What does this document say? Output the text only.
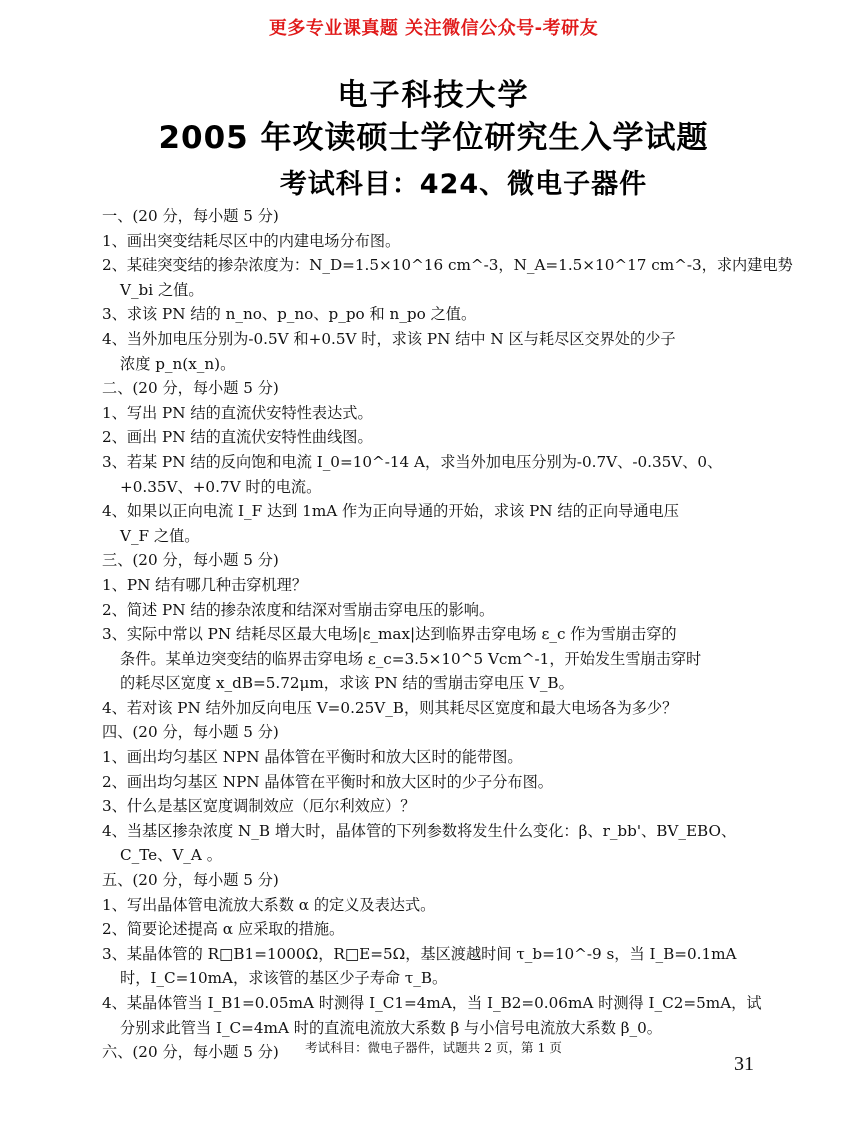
更多专业课真题 关注微信公众号-考研友
电子科技大学
2005 年攻读硕士学位研究生入学试题
考试科目：424、微电子器件
一、(20 分，每小题 5 分)
1、画出突变结耗尽区中的内建电场分布图。
2、某硅突变结的掺杂浓度为：N_D=1.5×10^16 cm^-3，N_A=1.5×10^17 cm^-3，求内建电势
V_bi 之值。
3、求该 PN 结的 n_no、p_no、p_po 和 n_po 之值。
4、当外加电压分别为-0.5V 和+0.5V 时，求该 PN 结中 N 区与耗尽区交界处的少子
浓度 p_n(x_n)。
二、(20 分，每小题 5 分)
1、写出 PN 结的直流伏安特性表达式。
2、画出 PN 结的直流伏安特性曲线图。
3、若某 PN 结的反向饱和电流 I_0=10^-14 A，求当外加电压分别为-0.7V、-0.35V、0、
+0.35V、+0.7V 时的电流。
4、如果以正向电流 I_F 达到 1mA 作为正向导通的开始，求该 PN 结的正向导通电压
V_F 之值。
三、(20 分，每小题 5 分)
1、PN 结有哪几种击穿机理？
2、简述 PN 结的掺杂浓度和结深对雪崩击穿电压的影响。
3、实际中常以 PN 结耗尽区最大电场|ε_max|达到临界击穿电场 ε_c 作为雪崩击穿的
条件。某单边突变结的临界击穿电场 ε_c=3.5×10^5 Vcm^-1，开始发生雪崩击穿时
的耗尽区宽度 x_dB=5.72μm，求该 PN 结的雪崩击穿电压 V_B。
4、若对该 PN 结外加反向电压 V=0.25V_B，则其耗尽区宽度和最大电场各为多少？
四、(20 分，每小题 5 分)
1、画出均匀基区 NPN 晶体管在平衡时和放大区时的能带图。
2、画出均匀基区 NPN 晶体管在平衡时和放大区时的少子分布图。
3、什么是基区宽度调制效应（厄尔利效应）？
4、当基区掺杂浓度 N_B 增大时，晶体管的下列参数将发生什么变化：β、r_bb'、BV_EBO、
C_Te、V_A 。
五、(20 分，每小题 5 分)
1、写出晶体管电流放大系数 α 的定义及表达式。
2、简要论述提高 α 应采取的措施。
3、某晶体管的 R□B1=1000Ω，R□E=5Ω，基区渡越时间 τ_b=10^-9 s，当 I_B=0.1mA
时，I_C=10mA，求该管的基区少子寿命 τ_B。
4、某晶体管当 I_B1=0.05mA 时测得 I_C1=4mA，当 I_B2=0.06mA 时测得 I_C2=5mA，试
分别求此管当 I_C=4mA 时的直流电流放大系数 β 与小信号电流放大系数 β_0。
六、(20 分，每小题 5 分)	考试科目：微电子器件，试题共 2 页，第 1 页
31
